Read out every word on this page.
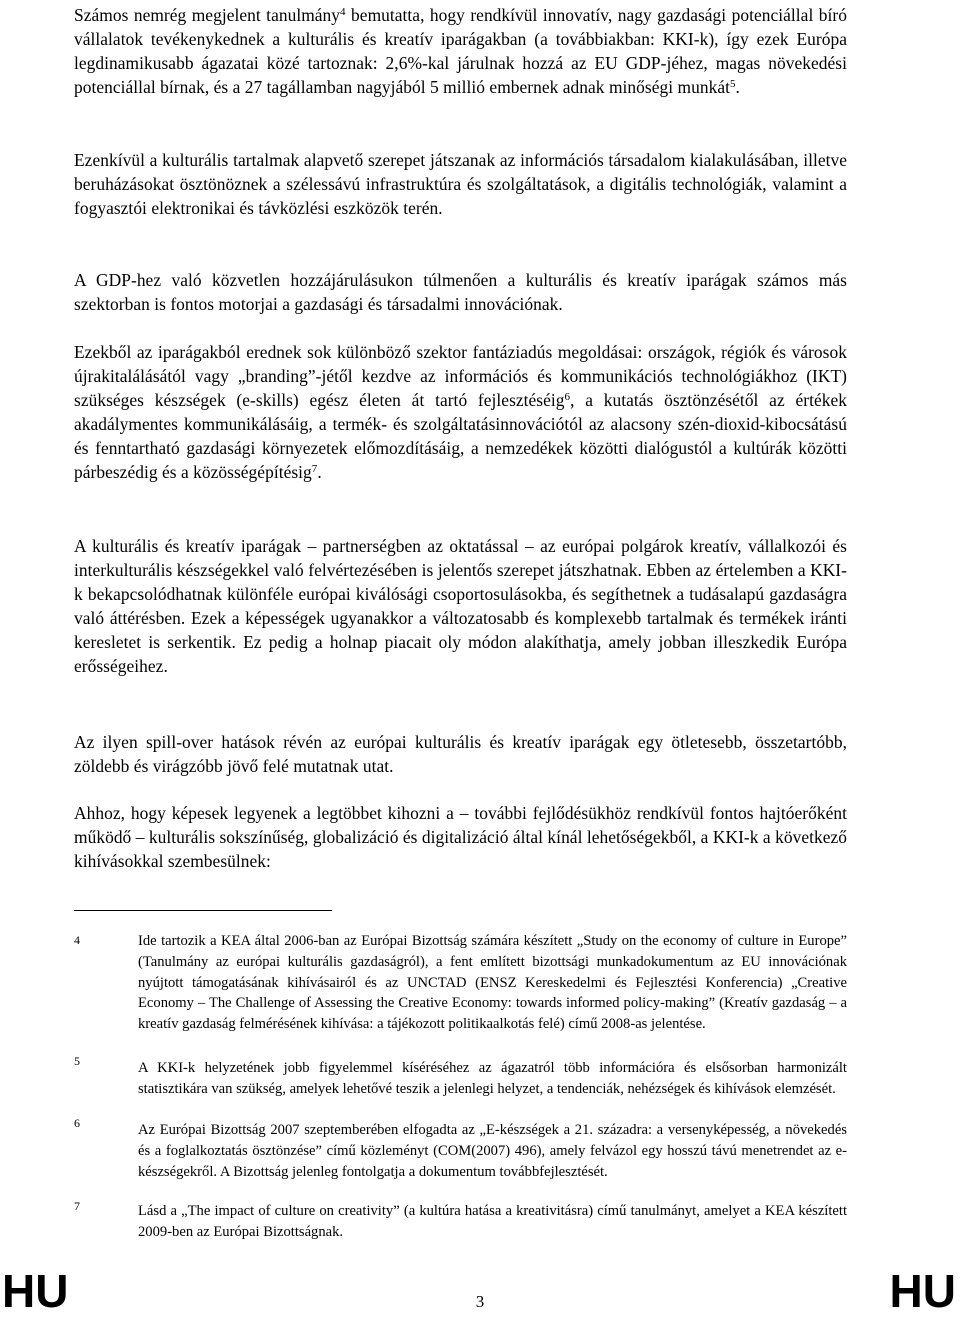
Számos nemrég megjelent tanulmány$^4$ bemutatta, hogy rendkívül innovatív, nagy gazdasági potenciállal bíró vállalatok tevékenykednek a kulturális és kreatív iparágakban (a továbbiakban: KKI-k), így ezek Európa legdinamikusabb ágazatai közé tartoznak: 2,6%-kal járulnak hozzá az EU GDP-jéhez, magas növekedési potenciállal bírnak, és a 27 tagállamban nagyjából 5 millió embernek adnak minőségi munkát$^5$.

Ezenkívül a kulturális tartalmak alapvető szerepet játszanak az információs társadalom kialakulásában, illetve beruházásokat ösztönöznek a szélessávú infrastruktúra és szolgáltatások, a digitális technológiák, valamint a fogyasztói elektronikai és távközlési eszközök terén.

A GDP-hez való közvetlen hozzájárulásukon túlmenően a kulturális és kreatív iparágak számos más szektorban is fontos motorjai a gazdasági és társadalmi innovációnak.

Ezekből az iparágakból erednek sok különböző szektor fantáziadús megoldásai: országok, régiók és városok újrakitalálásától vagy „branding”-jétől kezdve az információs és kommunikációs technológiákhoz (IKT) szükséges készségek (e-skills) egész életen át tartó fejlesztéséig$^6$, a kutatás ösztönzésétől az értékek akadálymentes kommunikálásáig, a termék- és szolgáltatásinnovációtól az alacsony szén-dioxid-kibocsátású és fenntartható gazdasági környezetek előmozdításáig, a nemzedékek közötti dialógustól a kultúrák közötti párbeszédig és a közösségépítésig$^7$.

A kulturális és kreatív iparágak – partnerségben az oktatással – az európai polgárok kreatív, vállalkozói és interkulturális készségekkel való felvértezésében is jelentős szerepet játszhatnak. Ebben az értelemben a KKI-k bekapcsolódhatnak különféle európai kiválósági csoportosulásokba, és segíthetnek a tudásalapú gazdaságra való áttérésben. Ezek a képességek ugyanakkor a változatosabb és komplexebb tartalmak és termékek iránti keresletet is serkentik. Ez pedig a holnap piacait oly módon alakíthatja, amely jobban illeszkedik Európa erősségeihez.

Az ilyen spill-over hatások révén az európai kulturális és kreatív iparágak egy ötletesebb, összetartóbb, zöldebb és virágzóbb jövő felé mutatnak utat.

Ahhoz, hogy képesek legyenek a legtöbbet kihozni a – további fejlődésükhöz rendkívül fontos hajtóerőként működő – kulturális sokszínűség, globalizáció és digitalizáció által kínál lehetőségekből, a KKI-k a következő kihívásokkal szembesülnek:

4	Ide tartozik a KEA által 2006-ban az Európai Bizottság számára készített „Study on the economy of culture in Europe” (Tanulmány az európai kulturális gazdaságról), a fent említett bizottsági munkadokumentum az EU innovációnak nyújtott támogatásának kihívásairól és az UNCTAD (ENSZ Kereskedelmi és Fejlesztési Konferencia) „Creative Economy – The Challenge of Assessing the Creative Economy: towards informed policy-making” (Kreatív gazdaság – a kreatív gazdaság felmérésének kihívása: a tájékozott politikaalkotás felé) című 2008-as jelentése.

5	A KKI-k helyzetének jobb figyelemmel kíséréséhez az ágazatról több információra és elsősorban harmonizált statisztikára van szükség, amelyek lehetővé teszik a jelenlegi helyzet, a tendenciák, nehézségek és kihívások elemzését.

6	Az Európai Bizottság 2007 szeptemberében elfogadta az „E-készségek a 21. századra: a versenyképesség, a növekedés és a foglalkoztatás ösztönzése” című közleményt (COM(2007) 496), amely felvázol egy hosszú távú menetrendet az e-készségekről. A Bizottság jelenleg fontolgatja a dokumentum továbbfejlesztését.

7	Lásd a „The impact of culture on creativity” (a kultúra hatása a kreativitásra) című tanulmányt, amelyet a KEA készített 2009-ben az Európai Bizottságnak.

HU	3	HU
